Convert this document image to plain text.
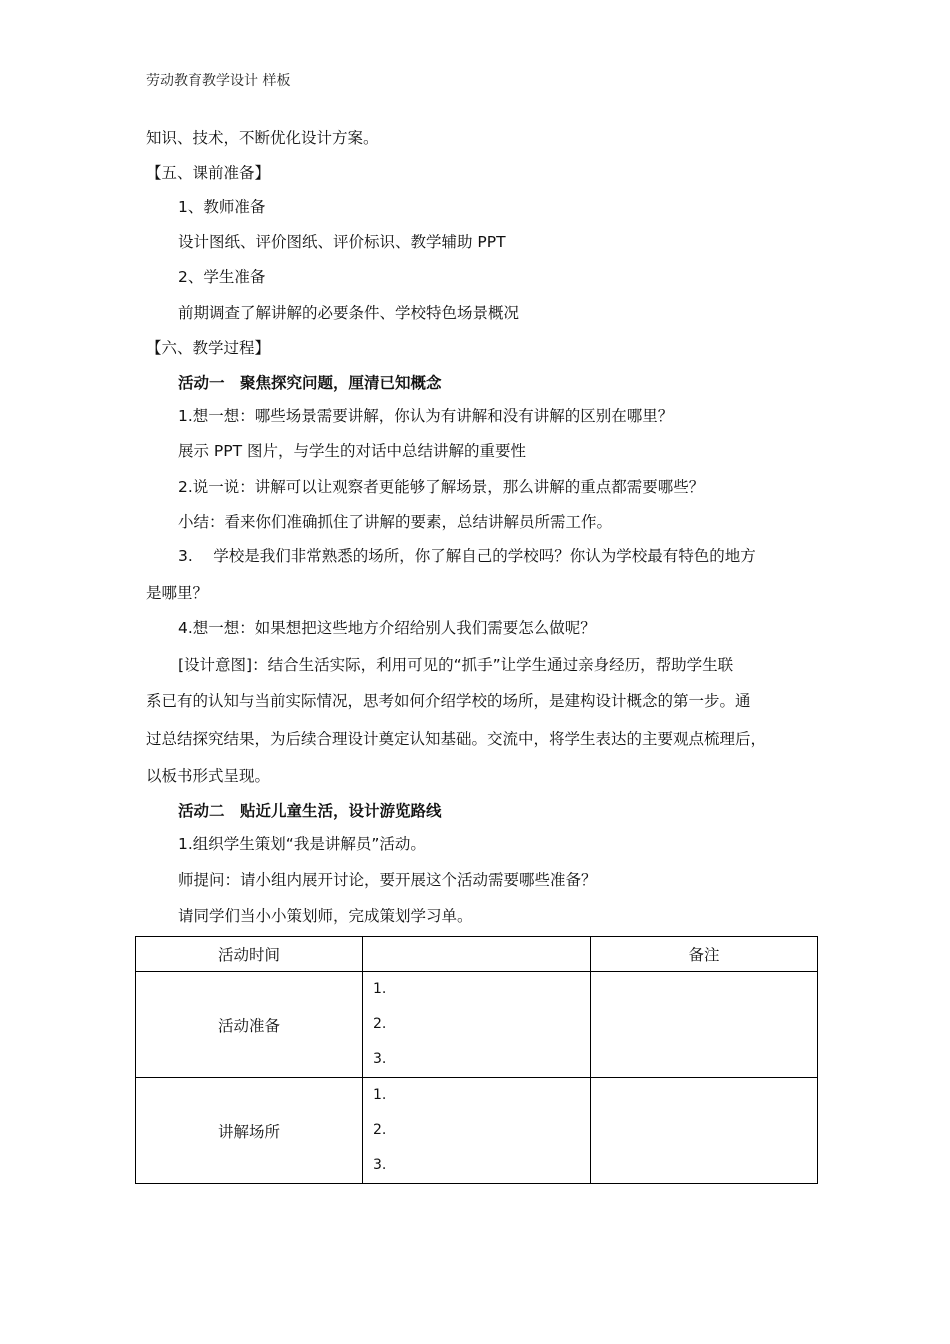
劳动教育教学设计 样板
知识、技术，不断优化设计方案。
【五、课前准备】
1、教师准备
设计图纸、评价图纸、评价标识、教学辅助 PPT
2、学生准备
前期调查了解讲解的必要条件、学校特色场景概况
【六、教学过程】
活动一　聚焦探究问题，厘清已知概念
1.想一想：哪些场景需要讲解，你认为有讲解和没有讲解的区别在哪里？
展示 PPT 图片，与学生的对话中总结讲解的重要性
2.说一说：讲解可以让观察者更能够了解场景，那么讲解的重点都需要哪些？
小结：看来你们准确抓住了讲解的要素，总结讲解员所需工作。
3.　 学校是我们非常熟悉的场所，你了解自己的学校吗？你认为学校最有特色的地方
是哪里？
4.想一想：如果想把这些地方介绍给别人我们需要怎么做呢？
[设计意图]：结合生活实际，利用可见的“抓手”让学生通过亲身经历，帮助学生联
系已有的认知与当前实际情况，思考如何介绍学校的场所，是建构设计概念的第一步。通
过总结探究结果，为后续合理设计奠定认知基础。交流中，将学生表达的主要观点梳理后，
以板书形式呈现。
活动二　贴近儿童生活，设计游览路线
1.组织学生策划“我是讲解员”活动。
师提问：请小组内展开讨论，要开展这个活动需要哪些准备？
请同学们当小小策划师，完成策划学习单。
活动时间		备注
活动准备	1.
2.
3.	

讲解场所	1.
2.
3.	
